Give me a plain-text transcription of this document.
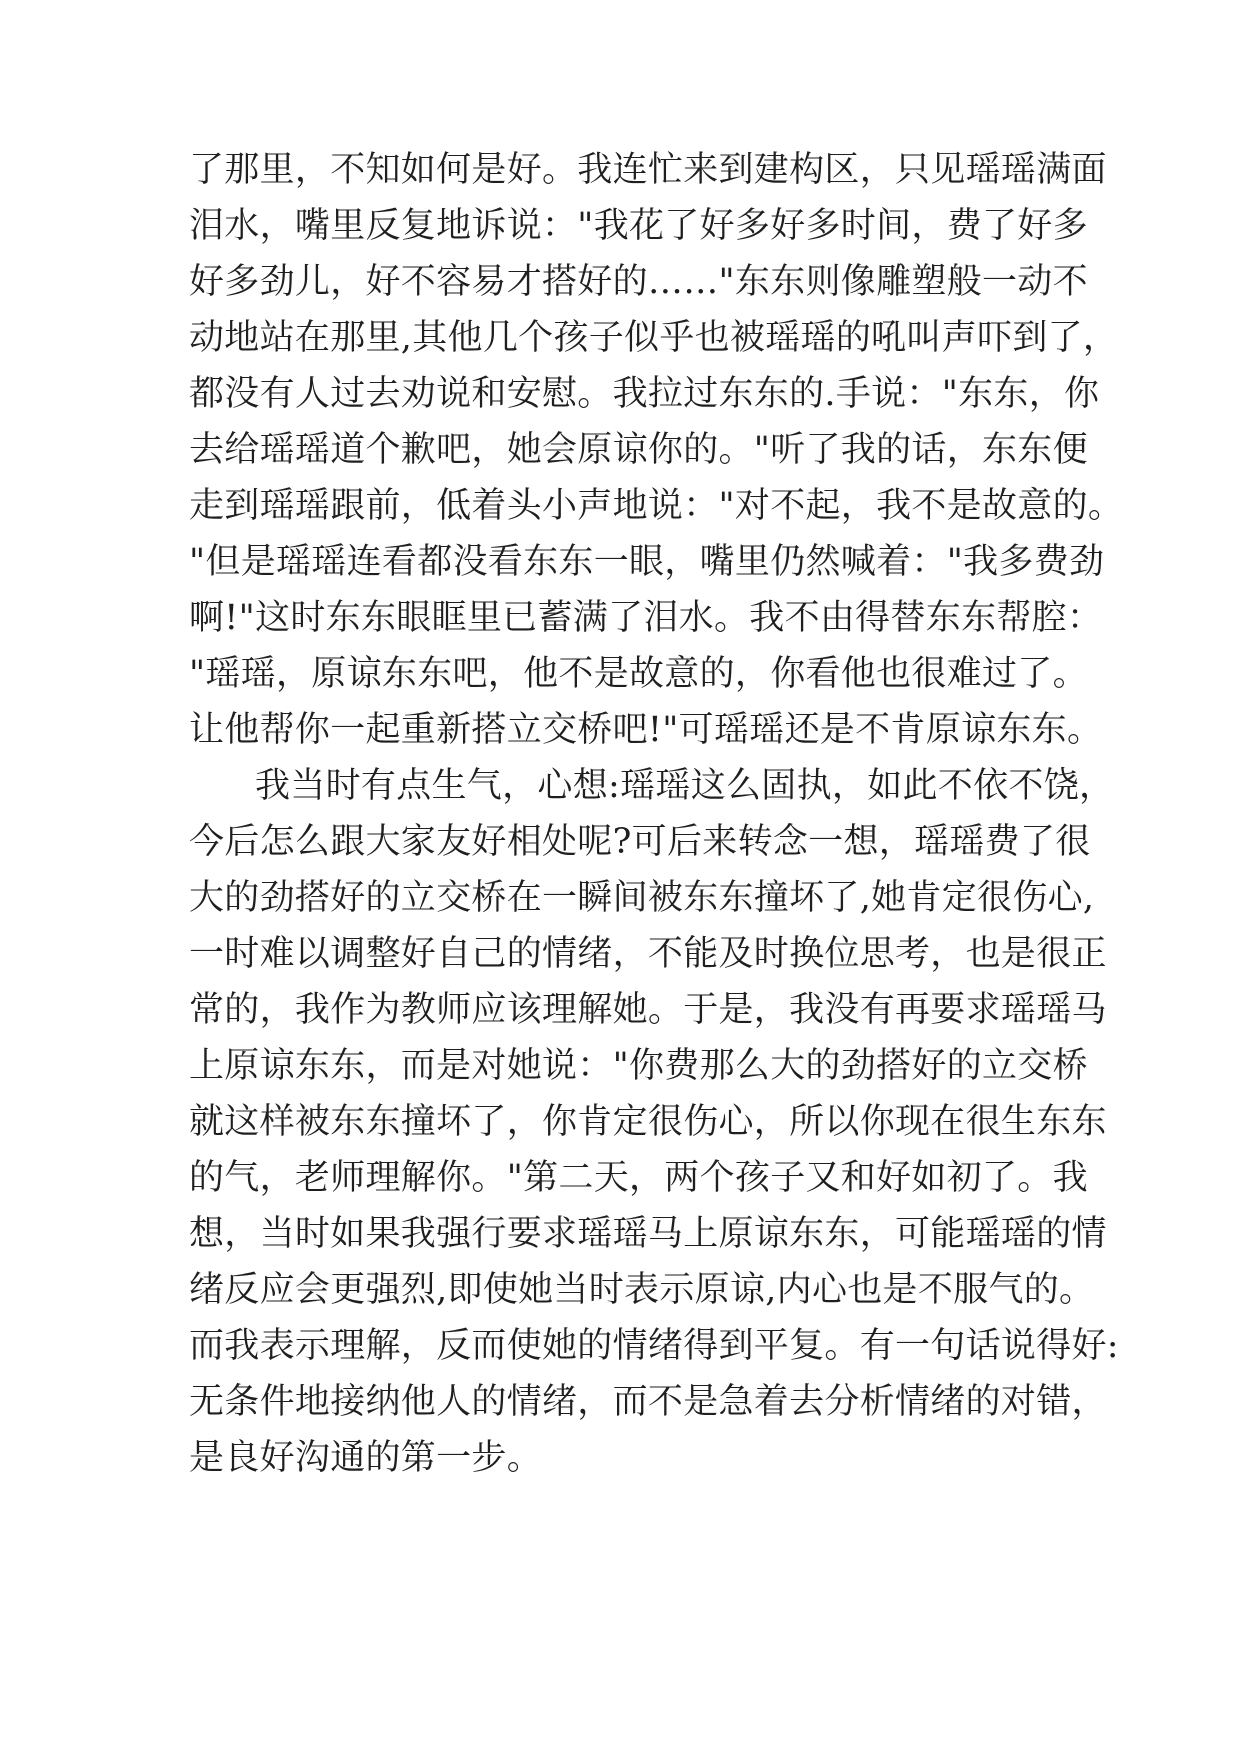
了那里，不知如何是好。我连忙来到建构区，只见瑶瑶满面
泪水，嘴里反复地诉说："我花了好多好多时间，费了好多
好多劲儿，好不容易才搭好的……"东东则像雕塑般一动不
动地站在那里,其他几个孩子似乎也被瑶瑶的吼叫声吓到了，
都没有人过去劝说和安慰。我拉过东东的.手说："东东，你
去给瑶瑶道个歉吧，她会原谅你的。"听了我的话，东东便
走到瑶瑶跟前，低着头小声地说："对不起，我不是故意的。
"但是瑶瑶连看都没看东东一眼，嘴里仍然喊着："我多费劲
啊!"这时东东眼眶里已蓄满了泪水。我不由得替东东帮腔：
"瑶瑶，原谅东东吧，他不是故意的，你看他也很难过了。
让他帮你一起重新搭立交桥吧!"可瑶瑶还是不肯原谅东东。
我当时有点生气，心想:瑶瑶这么固执，如此不依不饶，
今后怎么跟大家友好相处呢?可后来转念一想，瑶瑶费了很
大的劲搭好的立交桥在一瞬间被东东撞坏了,她肯定很伤心,
一时难以调整好自己的情绪，不能及时换位思考，也是很正
常的，我作为教师应该理解她。于是，我没有再要求瑶瑶马
上原谅东东，而是对她说："你费那么大的劲搭好的立交桥
就这样被东东撞坏了，你肯定很伤心，所以你现在很生东东
的气，老师理解你。"第二天，两个孩子又和好如初了。我
想，当时如果我强行要求瑶瑶马上原谅东东，可能瑶瑶的情
绪反应会更强烈,即使她当时表示原谅,内心也是不服气的。
而我表示理解，反而使她的情绪得到平复。有一句话说得好:
无条件地接纳他人的情绪，而不是急着去分析情绪的对错，
是良好沟通的第一步。
